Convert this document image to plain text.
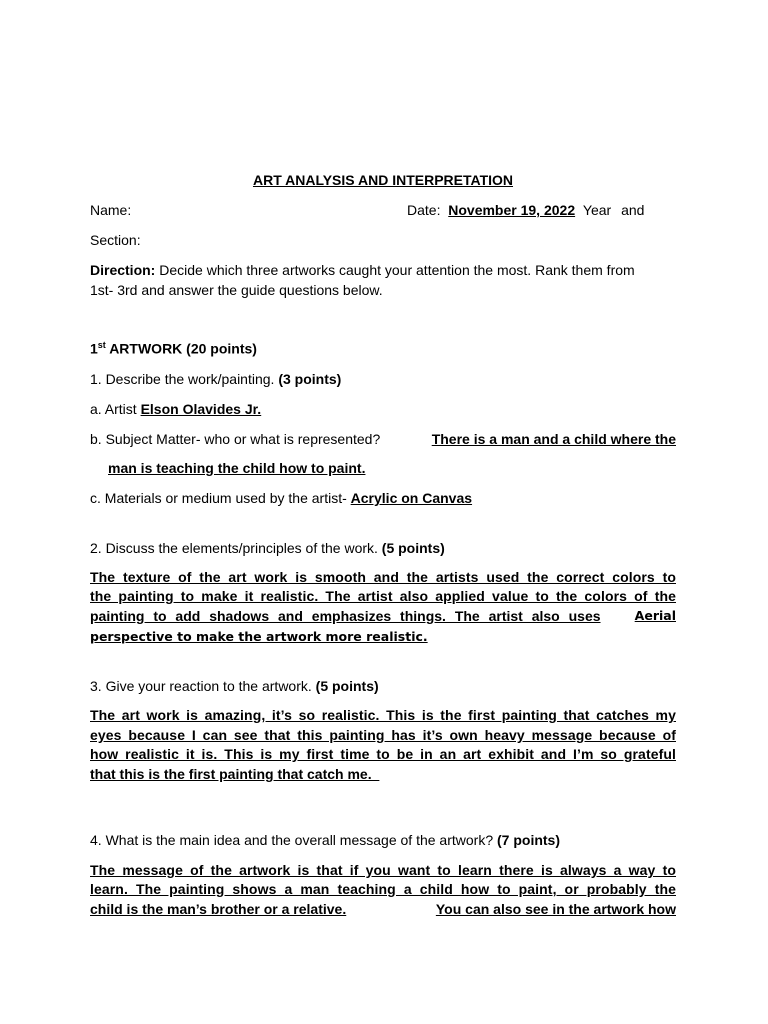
ART ANALYSIS AND INTERPRETATION
Name:	Date: November 19, 2022 Year and
Section:
Direction: Decide which three artworks caught your attention the most. Rank them from
1st- 3rd and answer the guide questions below.
1st ARTWORK (20 points)
1. Describe the work/painting. (3 points)
a. Artist Elson Olavides Jr.
b. Subject Matter- who or what is represented?	There is a man and a child where the
man is teaching the child how to paint.
c. Materials or medium used by the artist- Acrylic on Canvas
2. Discuss the elements/principles of the work. (5 points)
The texture of the art work is smooth and the artists used the correct colors to
the painting to make it realistic. The artist also applied value to the colors of the
painting to add shadows and emphasizes things. The artist also uses	Aerial
perspective to make the artwork more realistic.
3. Give your reaction to the artwork. (5 points)
The art work is amazing, it’s so realistic. This is the first painting that catches my
eyes because I can see that this painting has it’s own heavy message because of
how realistic it is. This is my first time to be in an art exhibit and I’m so grateful
that this is the first painting that catch me.
4. What is the main idea and the overall message of the artwork? (7 points)
The message of the artwork is that if you want to learn there is always a way to
learn. The painting shows a man teaching a child how to paint, or probably the
child is the man’s brother or a relative.	You can also see in the artwork how
